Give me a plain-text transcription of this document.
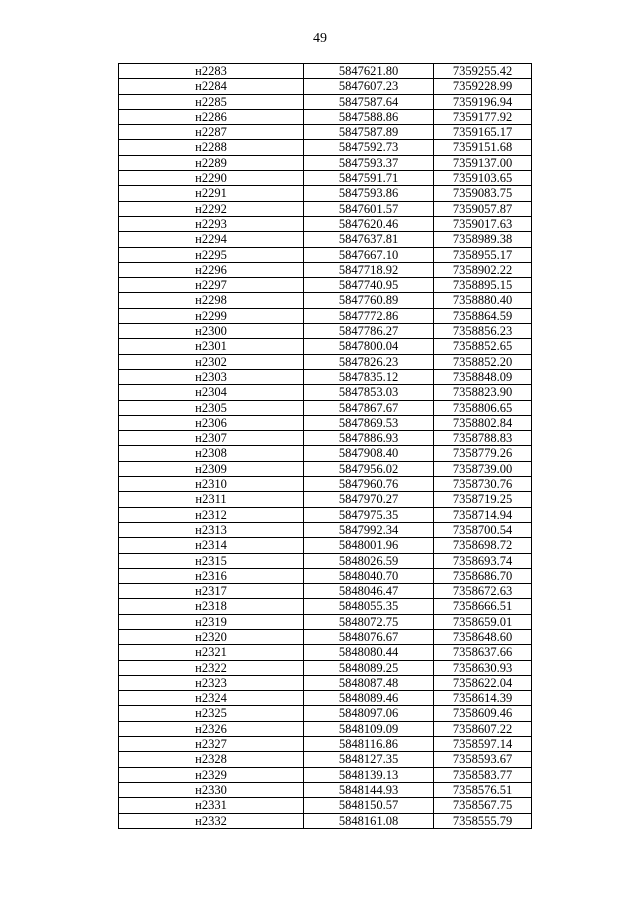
49
н2283	5847621.80	7359255.42
н2284	5847607.23	7359228.99
н2285	5847587.64	7359196.94
н2286	5847588.86	7359177.92
н2287	5847587.89	7359165.17
н2288	5847592.73	7359151.68
н2289	5847593.37	7359137.00
н2290	5847591.71	7359103.65
н2291	5847593.86	7359083.75
н2292	5847601.57	7359057.87
н2293	5847620.46	7359017.63
н2294	5847637.81	7358989.38
н2295	5847667.10	7358955.17
н2296	5847718.92	7358902.22
н2297	5847740.95	7358895.15
н2298	5847760.89	7358880.40
н2299	5847772.86	7358864.59
н2300	5847786.27	7358856.23
н2301	5847800.04	7358852.65
н2302	5847826.23	7358852.20
н2303	5847835.12	7358848.09
н2304	5847853.03	7358823.90
н2305	5847867.67	7358806.65
н2306	5847869.53	7358802.84
н2307	5847886.93	7358788.83
н2308	5847908.40	7358779.26
н2309	5847956.02	7358739.00
н2310	5847960.76	7358730.76
н2311	5847970.27	7358719.25
н2312	5847975.35	7358714.94
н2313	5847992.34	7358700.54
н2314	5848001.96	7358698.72
н2315	5848026.59	7358693.74
н2316	5848040.70	7358686.70
н2317	5848046.47	7358672.63
н2318	5848055.35	7358666.51
н2319	5848072.75	7358659.01
н2320	5848076.67	7358648.60
н2321	5848080.44	7358637.66
н2322	5848089.25	7358630.93
н2323	5848087.48	7358622.04
н2324	5848089.46	7358614.39
н2325	5848097.06	7358609.46
н2326	5848109.09	7358607.22
н2327	5848116.86	7358597.14
н2328	5848127.35	7358593.67
н2329	5848139.13	7358583.77
н2330	5848144.93	7358576.51
н2331	5848150.57	7358567.75
н2332	5848161.08	7358555.79
